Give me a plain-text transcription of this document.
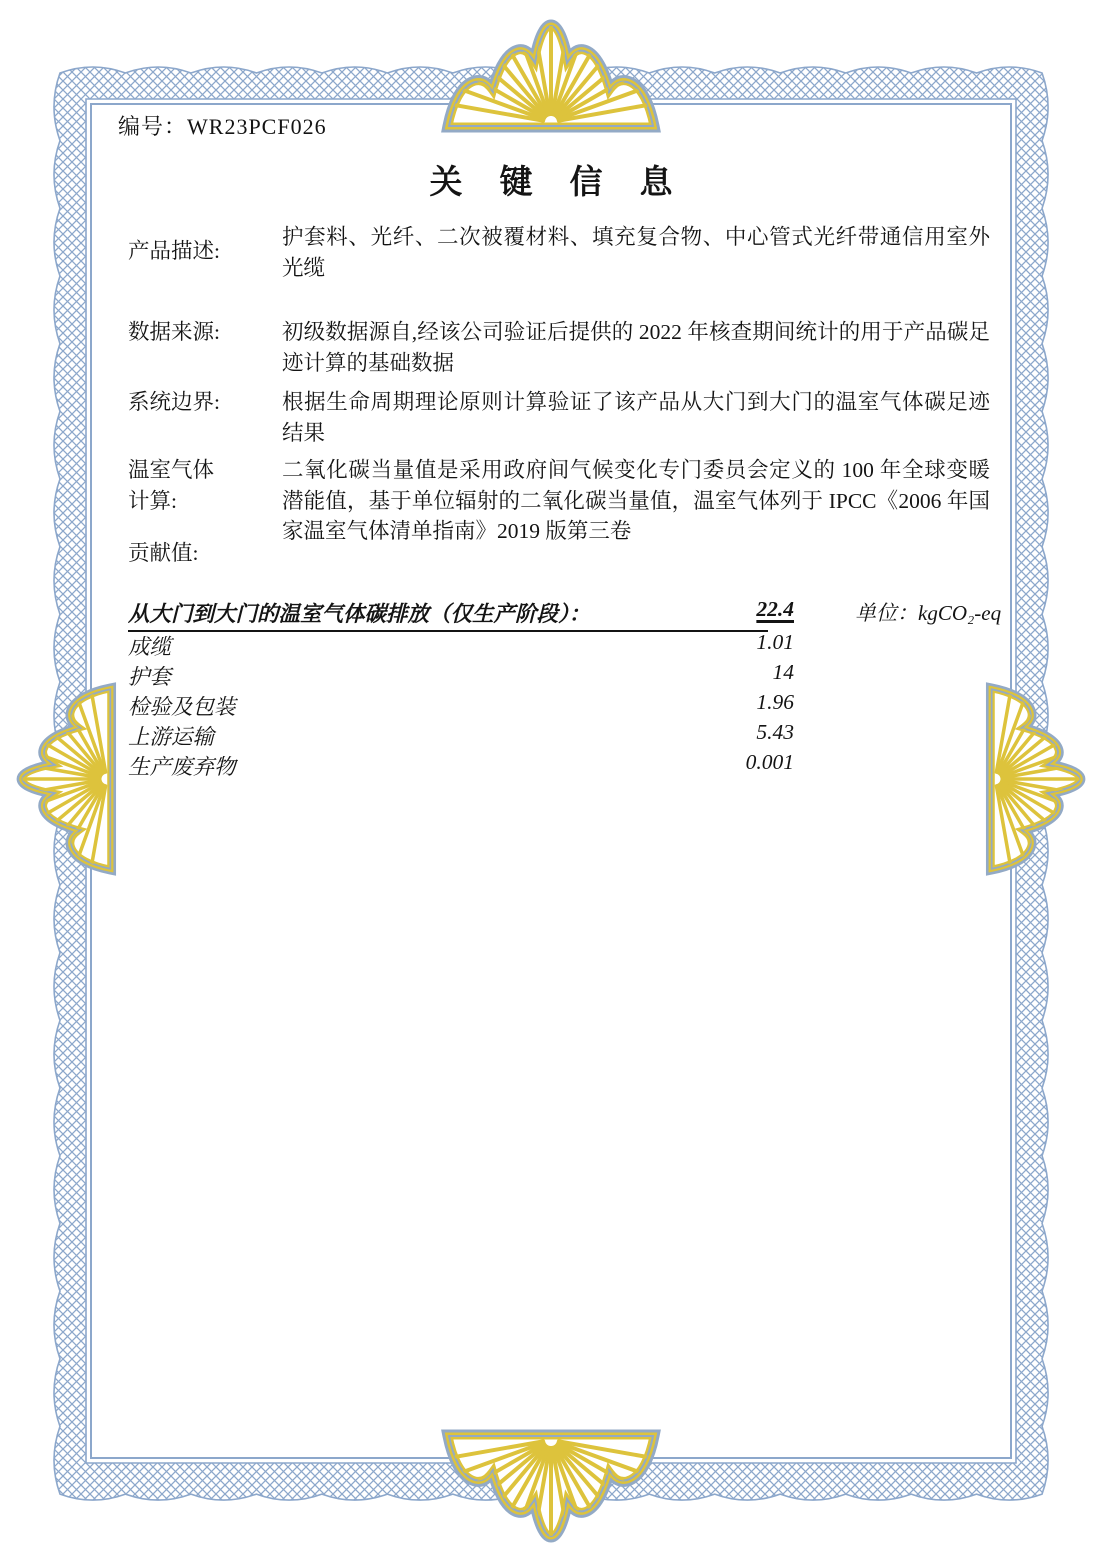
编号：WR23PCF026
关键信息
产品描述:
护套料、光纤、二次被覆材料、填充复合物、中心管式光纤带通信用室外光缆
数据来源:	初级数据源自,经该公司验证后提供的 2022 年核查期间统计的用于产品碳足迹计算的基础数据
系统边界:	根据生命周期理论原则计算验证了该产品从大门到大门的温室气体碳足迹结果
温室气体计算:
二氧化碳当量值是采用政府间气候变化专门委员会定义的 100 年全球变暖潜能值，基于单位辐射的二氧化碳当量值，温室气体列于 IPCC《2006 年国家温室气体清单指南》2019 版第三卷
贡献值:
从大门到大门的温室气体碳排放（仅生产阶段）：	22.4	单位：kgCO₂-eq
成缆	1.01
护套	14
检验及包装	1.96
上游运输	5.43
生产废弃物	0.001
